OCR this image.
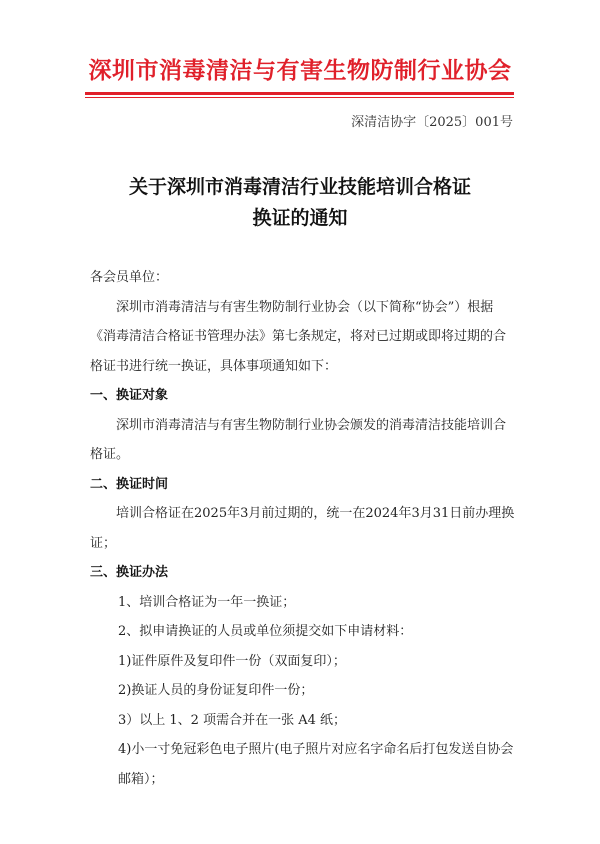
深圳市消毒清洁与有害生物防制行业协会
深清洁协字〔2025〕001号
关于深圳市消毒清洁行业技能培训合格证
换证的通知

各会员单位：

深圳市消毒清洁与有害生物防制行业协会（以下简称“协会”）根据《消毒清洁合格证书管理办法》第七条规定，将对已过期或即将过期的合格证书进行统一换证，具体事项通知如下：

一、换证对象

深圳市消毒清洁与有害生物防制行业协会颁发的消毒清洁技能培训合格证。

二、换证时间

培训合格证在2025年3月前过期的，统一在2024年3月31日前办理换证；

三、换证办法

1、培训合格证为一年一换证；

2、拟申请换证的人员或单位须提交如下申请材料：

1)证件原件及复印件一份（双面复印）；

2)换证人员的身份证复印件一份；

3）以上 1、2 项需合并在一张 A4 纸；

4)小一寸免冠彩色电子照片(电子照片对应名字命名后打包发送自协会邮箱）；
